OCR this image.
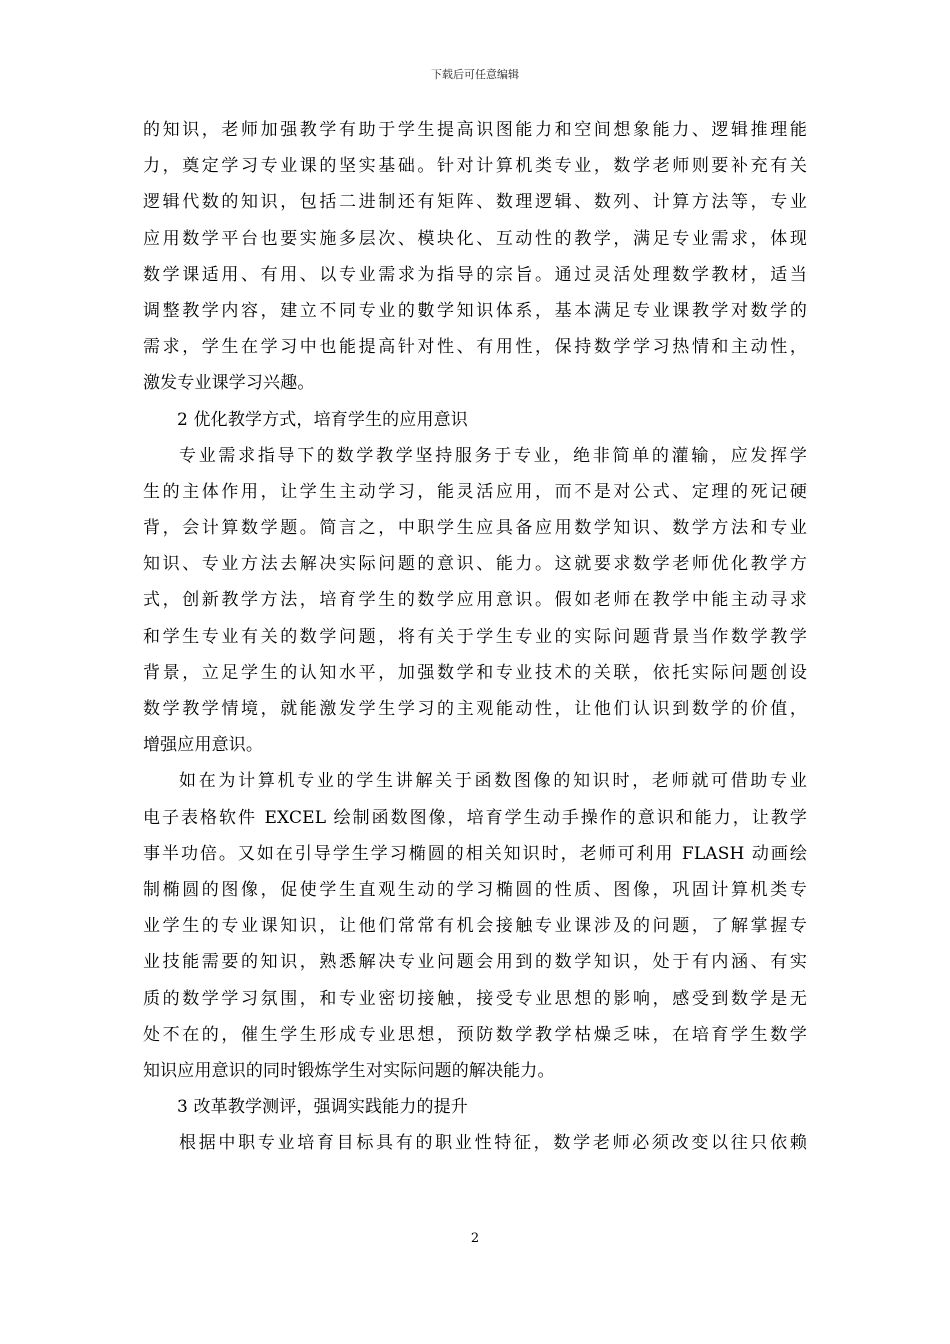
下载后可任意编辑
的知识，老师加强教学有助于学生提高识图能力和空间想象能力、逻辑推理能
力，奠定学习专业课的坚实基础。针对计算机类专业，数学老师则要补充有关
逻辑代数的知识，包括二进制还有矩阵、数理逻辑、数列、计算方法等，专业
应用数学平台也要实施多层次、模块化、互动性的教学，满足专业需求，体现
数学课适用、有用、以专业需求为指导的宗旨。通过灵活处理数学教材，适当
调整教学内容，建立不同专业的數学知识体系，基本满足专业课教学对数学的
需求，学生在学习中也能提高针对性、有用性，保持数学学习热情和主动性，
激发专业课学习兴趣。
2 优化教学方式，培育学生的应用意识
专业需求指导下的数学教学坚持服务于专业，绝非简单的灌输，应发挥学
生的主体作用，让学生主动学习，能灵活应用，而不是对公式、定理的死记硬
背，会计算数学题。简言之，中职学生应具备应用数学知识、数学方法和专业
知识、专业方法去解决实际问题的意识、能力。这就要求数学老师优化教学方
式，创新教学方法，培育学生的数学应用意识。假如老师在教学中能主动寻求
和学生专业有关的数学问题，将有关于学生专业的实际问题背景当作数学教学
背景，立足学生的认知水平，加强数学和专业技术的关联，依托实际问题创设
数学教学情境，就能激发学生学习的主观能动性，让他们认识到数学的价值，
增强应用意识。
如在为计算机专业的学生讲解关于函数图像的知识时，老师就可借助专业
电子表格软件 EXCEL 绘制函数图像，培育学生动手操作的意识和能力，让教学
事半功倍。又如在引导学生学习椭圆的相关知识时，老师可利用 FLASH 动画绘
制椭圆的图像，促使学生直观生动的学习椭圆的性质、图像，巩固计算机类专
业学生的专业课知识，让他们常常有机会接触专业课涉及的问题，了解掌握专
业技能需要的知识，熟悉解决专业问题会用到的数学知识，处于有内涵、有实
质的数学学习氛围，和专业密切接触，接受专业思想的影响，感受到数学是无
处不在的，催生学生形成专业思想，预防数学教学枯燥乏味，在培育学生数学
知识应用意识的同时锻炼学生对实际问题的解决能力。
3 改革教学测评，强调实践能力的提升
根据中职专业培育目标具有的职业性特征，数学老师必须改变以往只依赖
2
